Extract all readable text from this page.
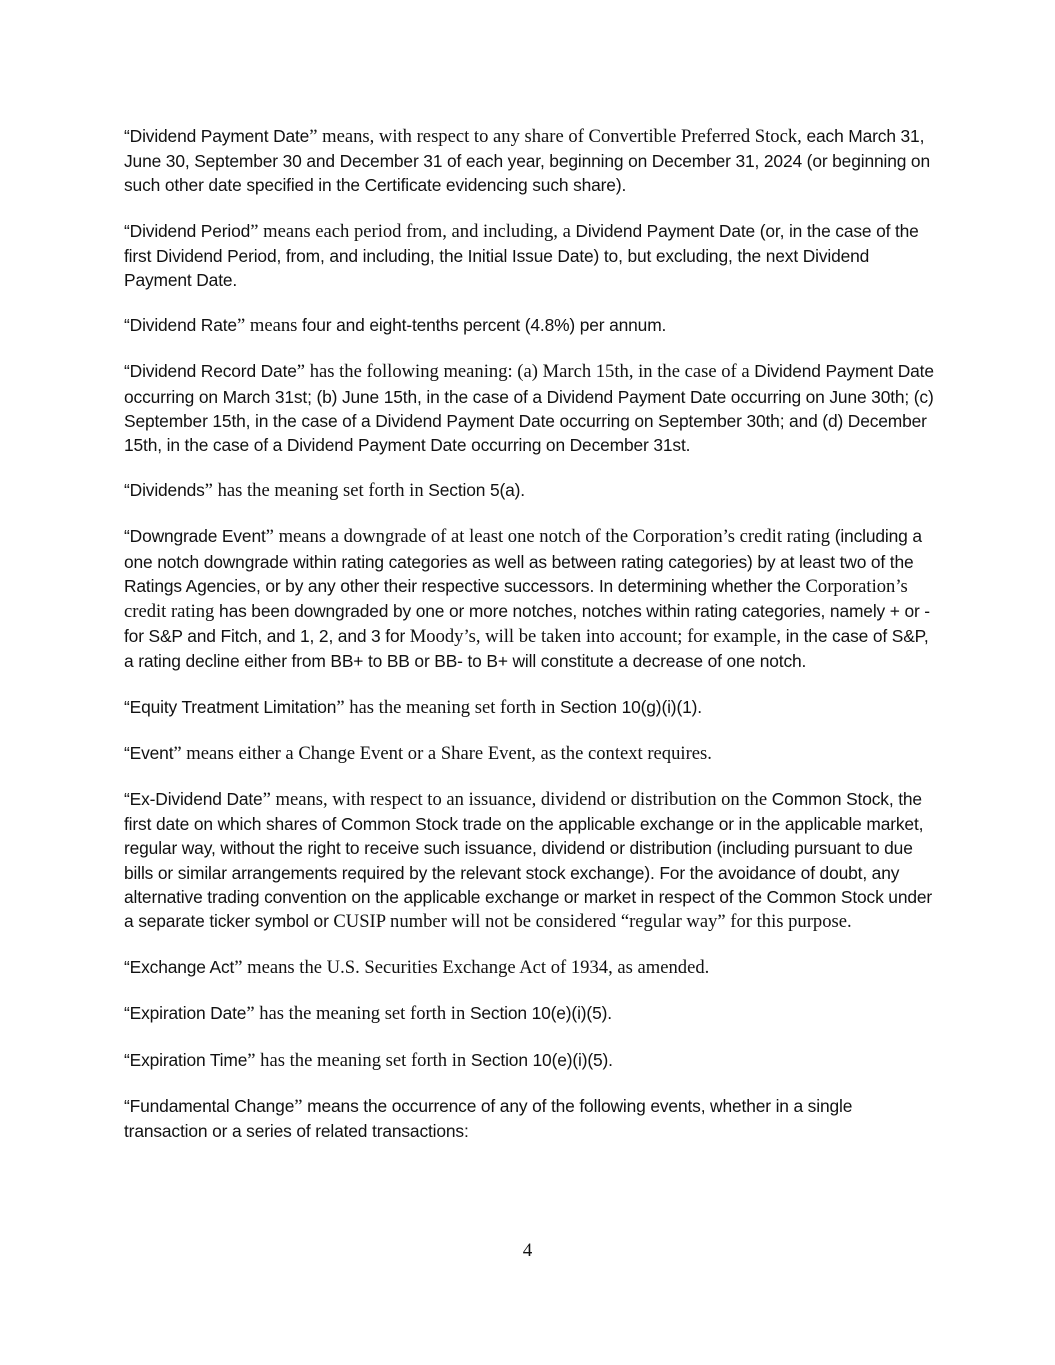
“Dividend Payment Date” means, with respect to any share of Convertible Preferred Stock, each March 31, June 30, September 30 and December 31 of each year, beginning on December 31, 2024 (or beginning on such other date specified in the Certificate evidencing such share).

“Dividend Period” means each period from, and including, a Dividend Payment Date (or, in the case of the first Dividend Period, from, and including, the Initial Issue Date) to, but excluding, the next Dividend Payment Date.

“Dividend Rate” means four and eight-tenths percent (4.8%) per annum.

“Dividend Record Date” has the following meaning: (a) March 15th, in the case of a Dividend Payment Date occurring on March 31st; (b) June 15th, in the case of a Dividend Payment Date occurring on June 30th; (c) September 15th, in the case of a Dividend Payment Date occurring on September 30th; and (d) December 15th, in the case of a Dividend Payment Date occurring on December 31st.

“Dividends” has the meaning set forth in Section 5(a).

“Downgrade Event” means a downgrade of at least one notch of the Corporation’s credit rating (including a one notch downgrade within rating categories as well as between rating categories) by at least two of the Ratings Agencies, or by any other their respective successors. In determining whether the Corporation’s credit rating has been downgraded by one or more notches, notches within rating categories, namely + or - for S&P and Fitch, and 1, 2, and 3 for Moody’s, will be taken into account; for example, in the case of S&P, a rating decline either from BB+ to BB or BB- to B+ will constitute a decrease of one notch.

“Equity Treatment Limitation” has the meaning set forth in Section 10(g)(i)(1).

“Event” means either a Change Event or a Share Event, as the context requires.

“Ex-Dividend Date” means, with respect to an issuance, dividend or distribution on the Common Stock, the first date on which shares of Common Stock trade on the applicable exchange or in the applicable market, regular way, without the right to receive such issuance, dividend or distribution (including pursuant to due bills or similar arrangements required by the relevant stock exchange). For the avoidance of doubt, any alternative trading convention on the applicable exchange or market in respect of the Common Stock under a separate ticker symbol or CUSIP number will not be considered “regular way” for this purpose.

“Exchange Act” means the U.S. Securities Exchange Act of 1934, as amended.

“Expiration Date” has the meaning set forth in Section 10(e)(i)(5).

“Expiration Time” has the meaning set forth in Section 10(e)(i)(5).

“Fundamental Change” means the occurrence of any of the following events, whether in a single transaction or a series of related transactions:

4
